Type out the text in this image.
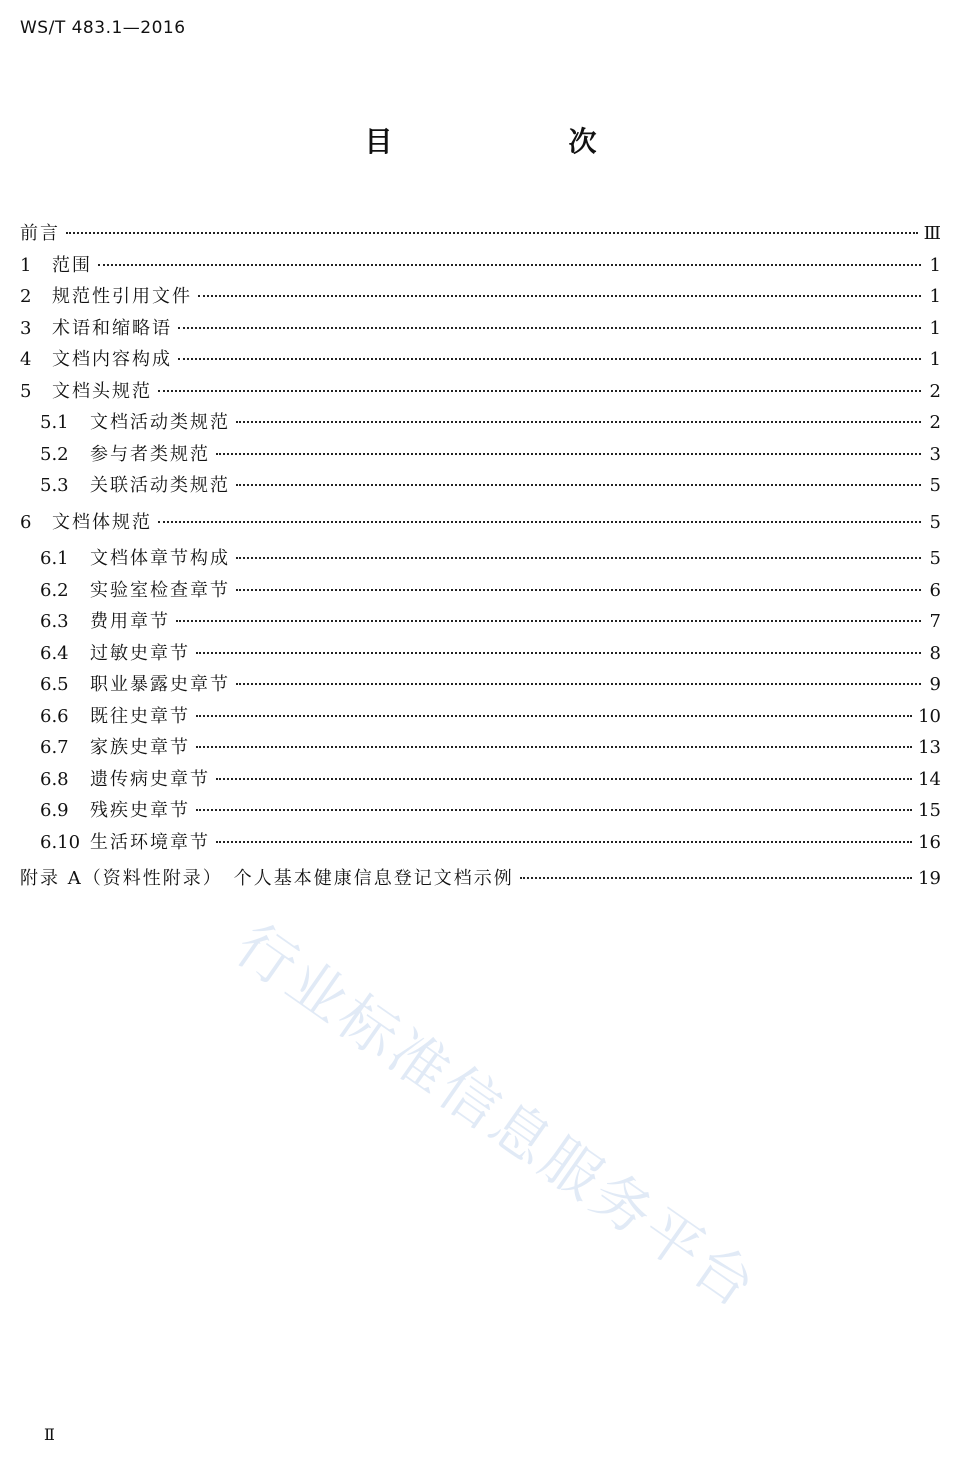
WS/T 483.1—2016
目　　次
前言	Ⅲ
1	范围	1
2	规范性引用文件	1
3	术语和缩略语	1
4	文档内容构成	1
5	文档头规范	2
5.1	文档活动类规范	2
5.2	参与者类规范	3
5.3	关联活动类规范	5
6	文档体规范	5
6.1	文档体章节构成	5
6.2	实验室检查章节	6
6.3	费用章节	7
6.4	过敏史章节	8
6.5	职业暴露史章节	9
6.6	既往史章节	10
6.7	家族史章节	13
6.8	遗传病史章节	14
6.9	残疾史章节	15
6.10 生活环境章节	16
附录 A（资料性附录）　个人基本健康信息登记文档示例	19
行业标准信息服务平台
Ⅱ
